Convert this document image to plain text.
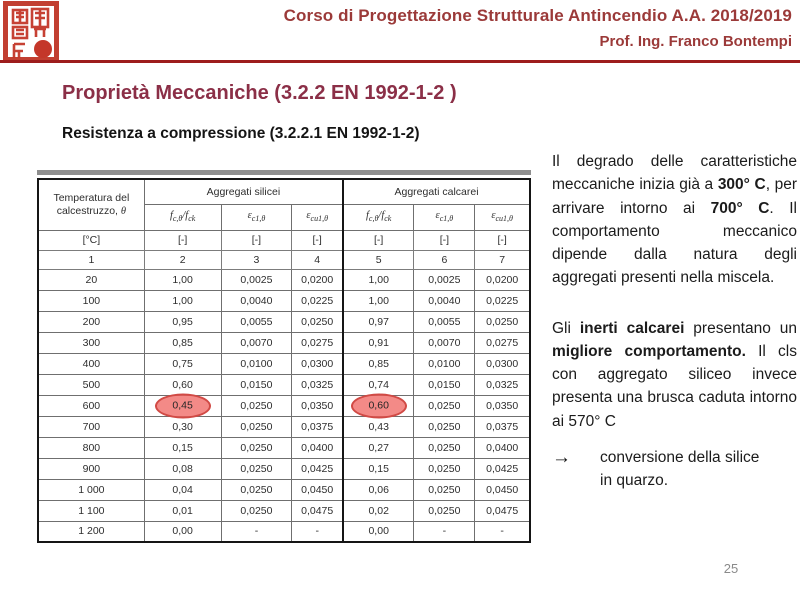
Corso di Progettazione Strutturale Antincendio A.A. 2018/2019
Prof. Ing. Franco Bontempi
Proprietà Meccaniche (3.2.2 EN 1992-1-2 )
Resistenza a compressione (3.2.2.1 EN 1992-1-2)
Temperatura del
calcestruzzo, θ	Aggregati silicei			Aggregati calcarei		
	$f_{c,\theta}/f_{ck}$	$\varepsilon_{c1,\theta}$	$\varepsilon_{cu1,\theta}$	$f_{c,\theta}/f_{ck}$	$\varepsilon_{c1,\theta}$	$\varepsilon_{cu1,\theta}$
[°C]	[-]	[-]	[-]	[-]	[-]	[-]
1	2	3	4	5	6	7
20	1,00	0,0025	0,0200	1,00	0,0025	0,0200
100	1,00	0,0040	0,0225	1,00	0,0040	0,0225
200	0,95	0,0055	0,0250	0,97	0,0055	0,0250
300	0,85	0,0070	0,0275	0,91	0,0070	0,0275
400	0,75	0,0100	0,0300	0,85	0,0100	0,0300
500	0,60	0,0150	0,0325	0,74	0,0150	0,0325
600	0,45	0,0250	0,0350	0,60	0,0250	0,0350
700	0,30	0,0250	0,0375	0,43	0,0250	0,0375
800	0,15	0,0250	0,0400	0,27	0,0250	0,0400
900	0,08	0,0250	0,0425	0,15	0,0250	0,0425
1 000	0,04	0,0250	0,0450	0,06	0,0250	0,0450
1 100	0,01	0,0250	0,0475	0,02	0,0250	0,0475
1 200	0,00	-	-	0,00	-	-

Il degrado delle caratteristiche meccaniche inizia già a 300° C, per arrivare intorno ai 700° C. Il comportamento meccanico dipende dalla natura degli aggregati presenti nella miscela.

Gli inerti calcarei presentano un migliore comportamento. Il cls con aggregato siliceo invece presenta una brusca caduta intorno ai 570° C

→	conversione della silice in quarzo.
25
